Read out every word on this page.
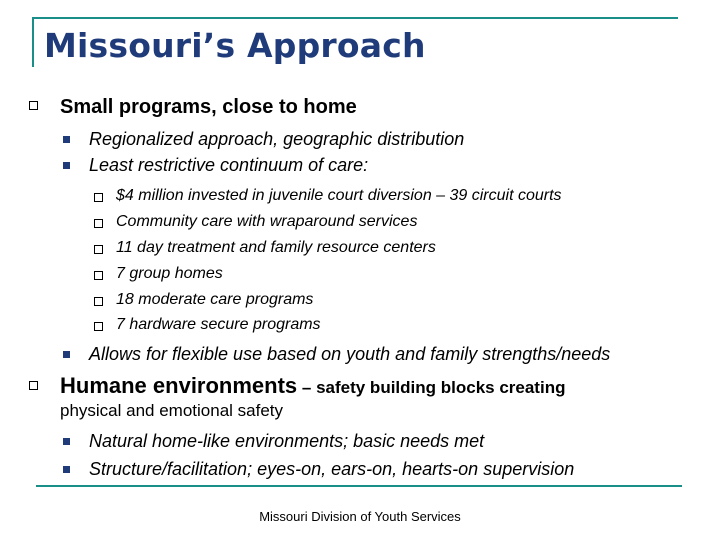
Missouri’s Approach
Small programs, close to home
Regionalized approach, geographic distribution
Least restrictive continuum of care:
$4 million invested in juvenile court diversion – 39 circuit courts
Community care with wraparound services
11 day treatment and family resource centers
7 group homes
18 moderate care programs
7 hardware secure programs
Allows for flexible use based on youth and family strengths/needs
Humane environments – safety building blocks creating
physical and emotional safety
Natural home-like environments; basic needs met
Structure/facilitation; eyes-on, ears-on, hearts-on supervision
Missouri Division of Youth Services
